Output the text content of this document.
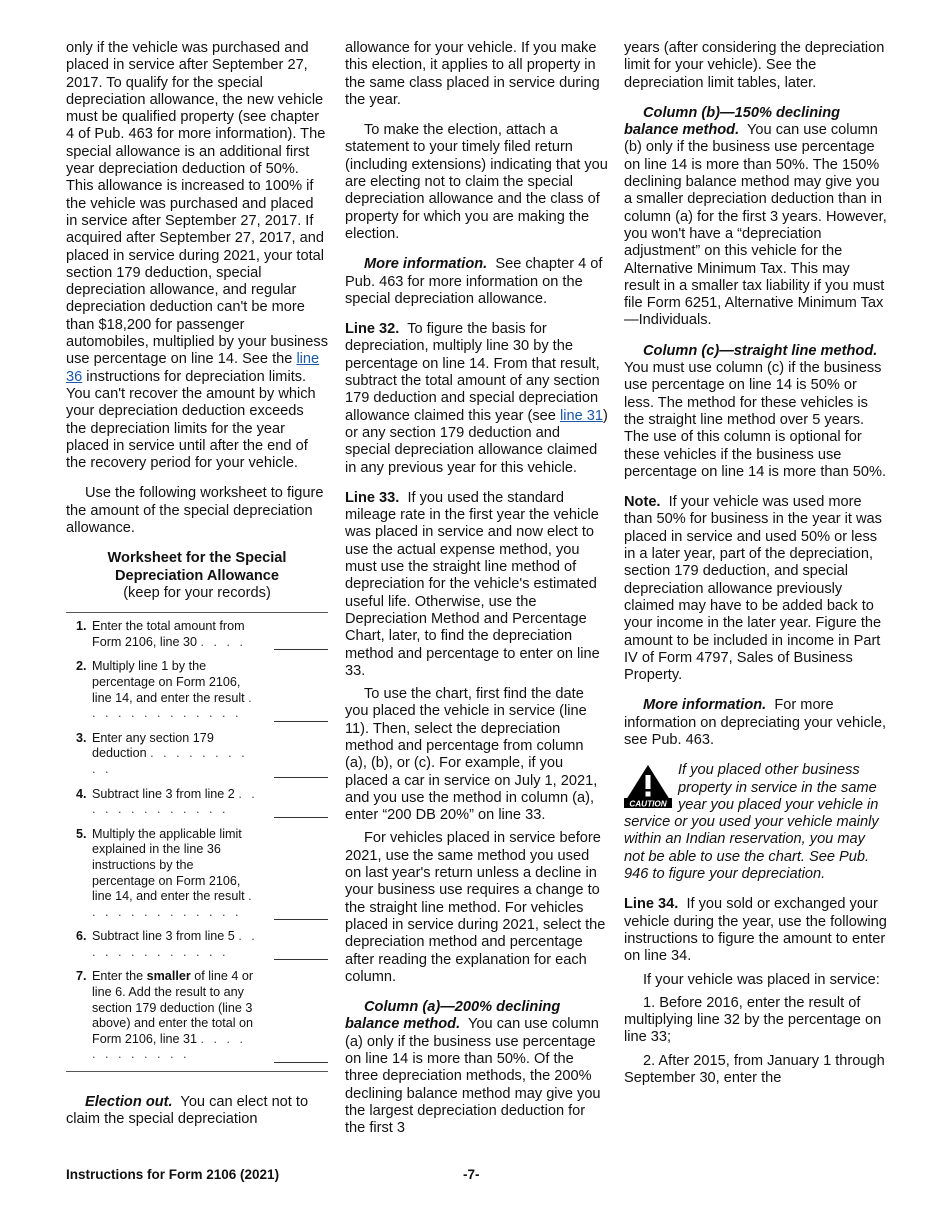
only if the vehicle was purchased and placed in service after September 27, 2017. To qualify for the special depreciation allowance, the new vehicle must be qualified property (see chapter 4 of Pub. 463 for more information). The special allowance is an additional first year depreciation deduction of 50%. This allowance is increased to 100% if the vehicle was purchased and placed in service after September 27, 2017. If acquired after September 27, 2017, and placed in service during 2021, your total section 179 deduction, special depreciation allowance, and regular depreciation deduction can't be more than $18,200 for passenger automobiles, multiplied by your business use percentage on line 14. See the line 36 instructions for depreciation limits. You can't recover the amount by which your depreciation deduction exceeds the depreciation limits for the year placed in service until after the end of the recovery period for your vehicle.

Use the following worksheet to figure the amount of the special depreciation allowance.

Worksheet for the Special Depreciation Allowance
(keep for your records)
1. Enter the total amount from Form 2106, line 30 . . . .
2. Multiply line 1 by the percentage on Form 2106, line 14, and enter the result . . . . . . . . . . . . .
3. Enter any section 179 deduction . . . . . . . . . .
4. Subtract line 3 from line 2 . . . . . . . . . . . . .
5. Multiply the applicable limit explained in the line 36 instructions by the percentage on Form 2106, line 14, and enter the result . . . . . . . . . . . . .
6. Subtract line 3 from line 5 . . . . . . . . . . . . .
7. Enter the smaller of line 4 or line 6. Add the result to any section 179 deduction (line 3 above) and enter the total on Form 2106, line 31 . . . . . . . . . . . .

Election out. You can elect not to claim the special depreciation

allowance for your vehicle. If you make this election, it applies to all property in the same class placed in service during the year.

To make the election, attach a statement to your timely filed return (including extensions) indicating that you are electing not to claim the special depreciation allowance and the class of property for which you are making the election.

More information. See chapter 4 of Pub. 463 for more information on the special depreciation allowance.

Line 32. To figure the basis for depreciation, multiply line 30 by the percentage on line 14. From that result, subtract the total amount of any section 179 deduction and special depreciation allowance claimed this year (see line 31) or any section 179 deduction and special depreciation allowance claimed in any previous year for this vehicle.

Line 33. If you used the standard mileage rate in the first year the vehicle was placed in service and now elect to use the actual expense method, you must use the straight line method of depreciation for the vehicle's estimated useful life. Otherwise, use the Depreciation Method and Percentage Chart, later, to find the depreciation method and percentage to enter on line 33.

To use the chart, first find the date you placed the vehicle in service (line 11). Then, select the depreciation method and percentage from column (a), (b), or (c). For example, if you placed a car in service on July 1, 2021, and you use the method in column (a), enter “200 DB 20%” on line 33.

For vehicles placed in service before 2021, use the same method you used on last year's return unless a decline in your business use requires a change to the straight line method. For vehicles placed in service during 2021, select the depreciation method and percentage after reading the explanation for each column.

Column (a)—200% declining balance method. You can use column (a) only if the business use percentage on line 14 is more than 50%. Of the three depreciation methods, the 200% declining balance method may give you the largest depreciation deduction for the first 3

years (after considering the depreciation limit for your vehicle). See the depreciation limit tables, later.

Column (b)—150% declining balance method. You can use column (b) only if the business use percentage on line 14 is more than 50%. The 150% declining balance method may give you a smaller depreciation deduction than in column (a) for the first 3 years. However, you won't have a “depreciation adjustment” on this vehicle for the Alternative Minimum Tax. This may result in a smaller tax liability if you must file Form 6251, Alternative Minimum Tax—Individuals.

Column (c)—straight line method.  You must use column (c) if the business use percentage on line 14 is 50% or less. The method for these vehicles is the straight line method over 5 years. The use of this column is optional for these vehicles if the business use percentage on line 14 is more than 50%.

Note. If your vehicle was used more than 50% for business in the year it was placed in service and used 50% or less in a later year, part of the depreciation, section 179 deduction, and special depreciation allowance previously claimed may have to be added back to your income in the later year. Figure the amount to be included in income in Part IV of Form 4797, Sales of Business Property.

More information. For more information on depreciating your vehicle, see Pub. 463.

CAUTION
If you placed other business property in service in the same year you placed your vehicle in service or you used your vehicle mainly within an Indian reservation, you may not be able to use the chart. See Pub. 946 to figure your depreciation.

Line 34. If you sold or exchanged your vehicle during the year, use the following instructions to figure the amount to enter on line 34.

If your vehicle was placed in service:

1. Before 2016, enter the result of multiplying line 32 by the percentage on line 33;

2. After 2015, from January 1 through September 30, enter the

Instructions for Form 2106 (2021)	-7-
